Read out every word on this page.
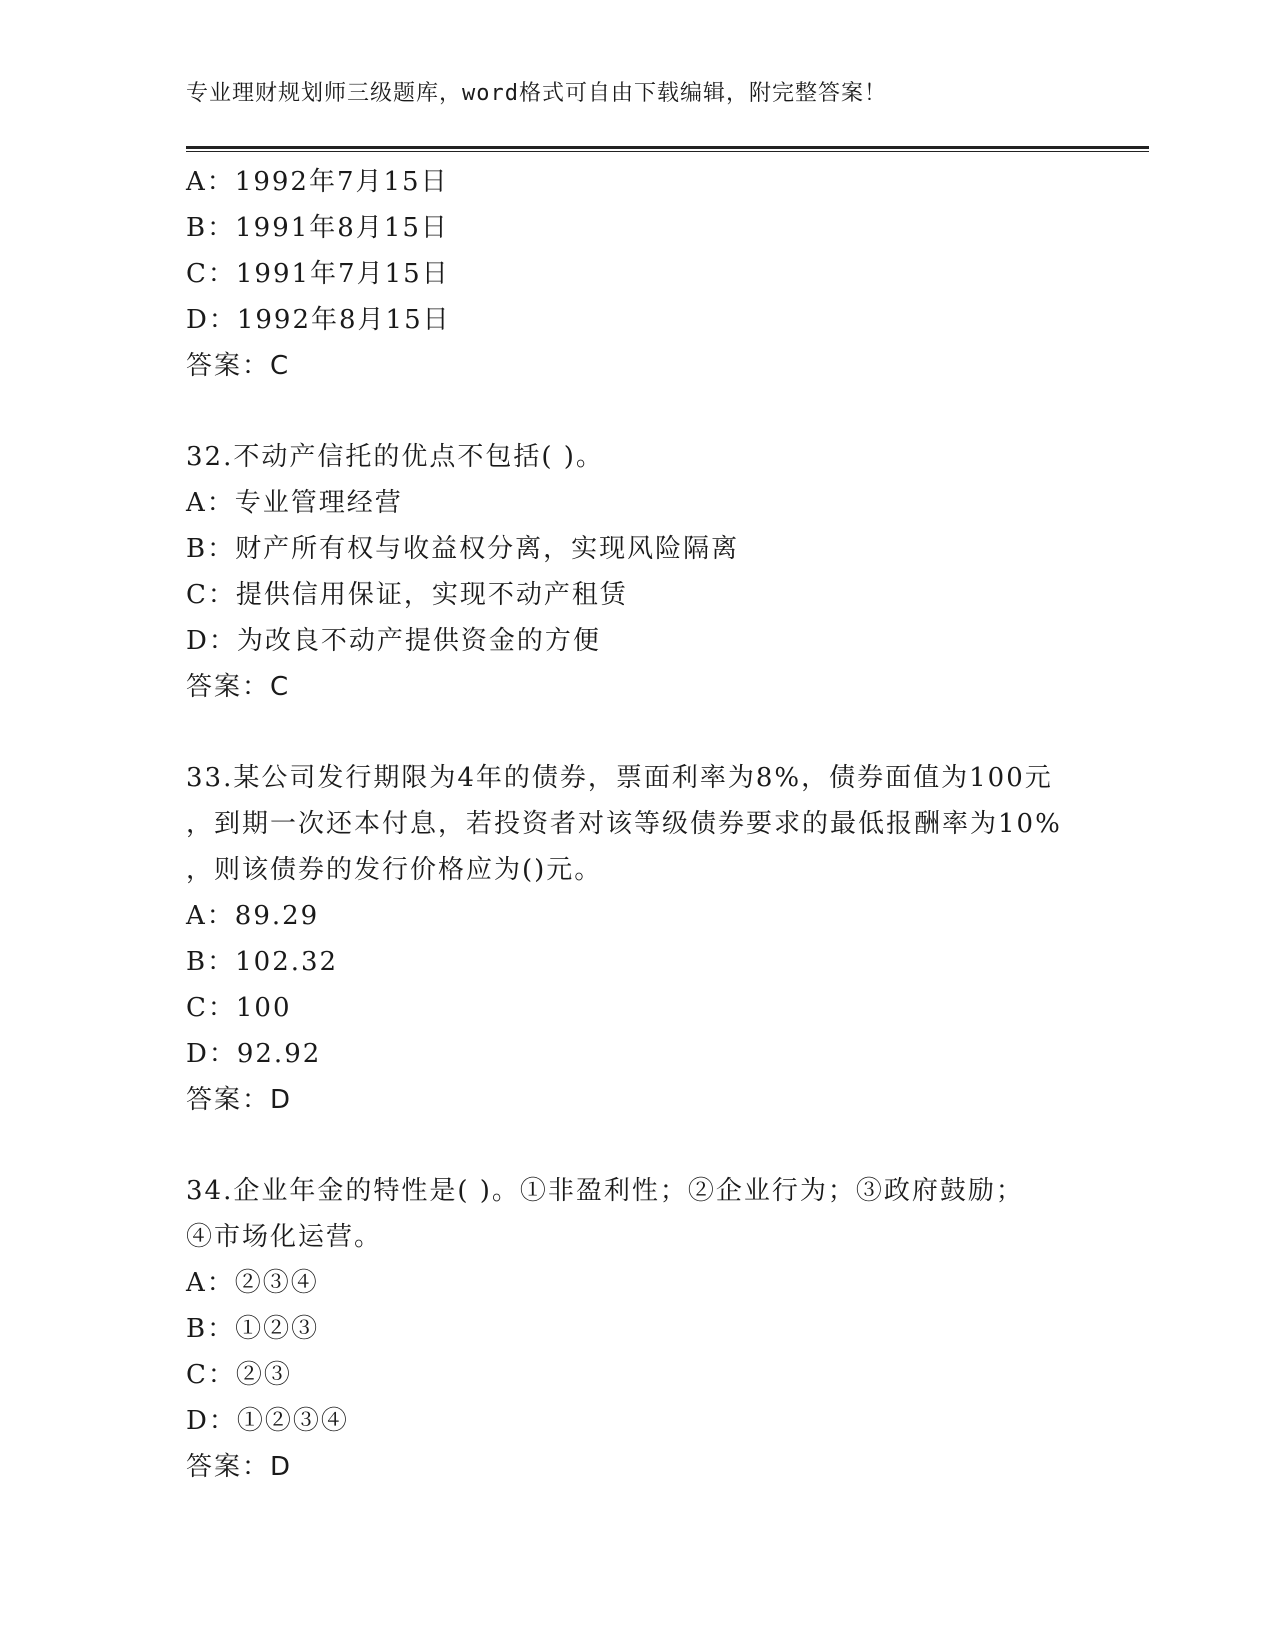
专业理财规划师三级题库，word格式可自由下载编辑，附完整答案！
A：1992年7月15日
B：1991年8月15日
C：1991年7月15日
D：1992年8月15日
答案：C
32.不动产信托的优点不包括( )。
A：专业管理经营
B：财产所有权与收益权分离，实现风险隔离
C：提供信用保证，实现不动产租赁
D：为改良不动产提供资金的方便
答案：C
33.某公司发行期限为4年的债券，票面利率为8%，债券面值为100元
，到期一次还本付息，若投资者对该等级债券要求的最低报酬率为10%
，则该债券的发行价格应为()元。
A：89.29
B：102.32
C：100
D：92.92
答案：D
34.企业年金的特性是( )。①非盈利性；②企业行为；③政府鼓励；
④市场化运营。
A：②③④
B：①②③
C：②③
D：①②③④
答案：D
